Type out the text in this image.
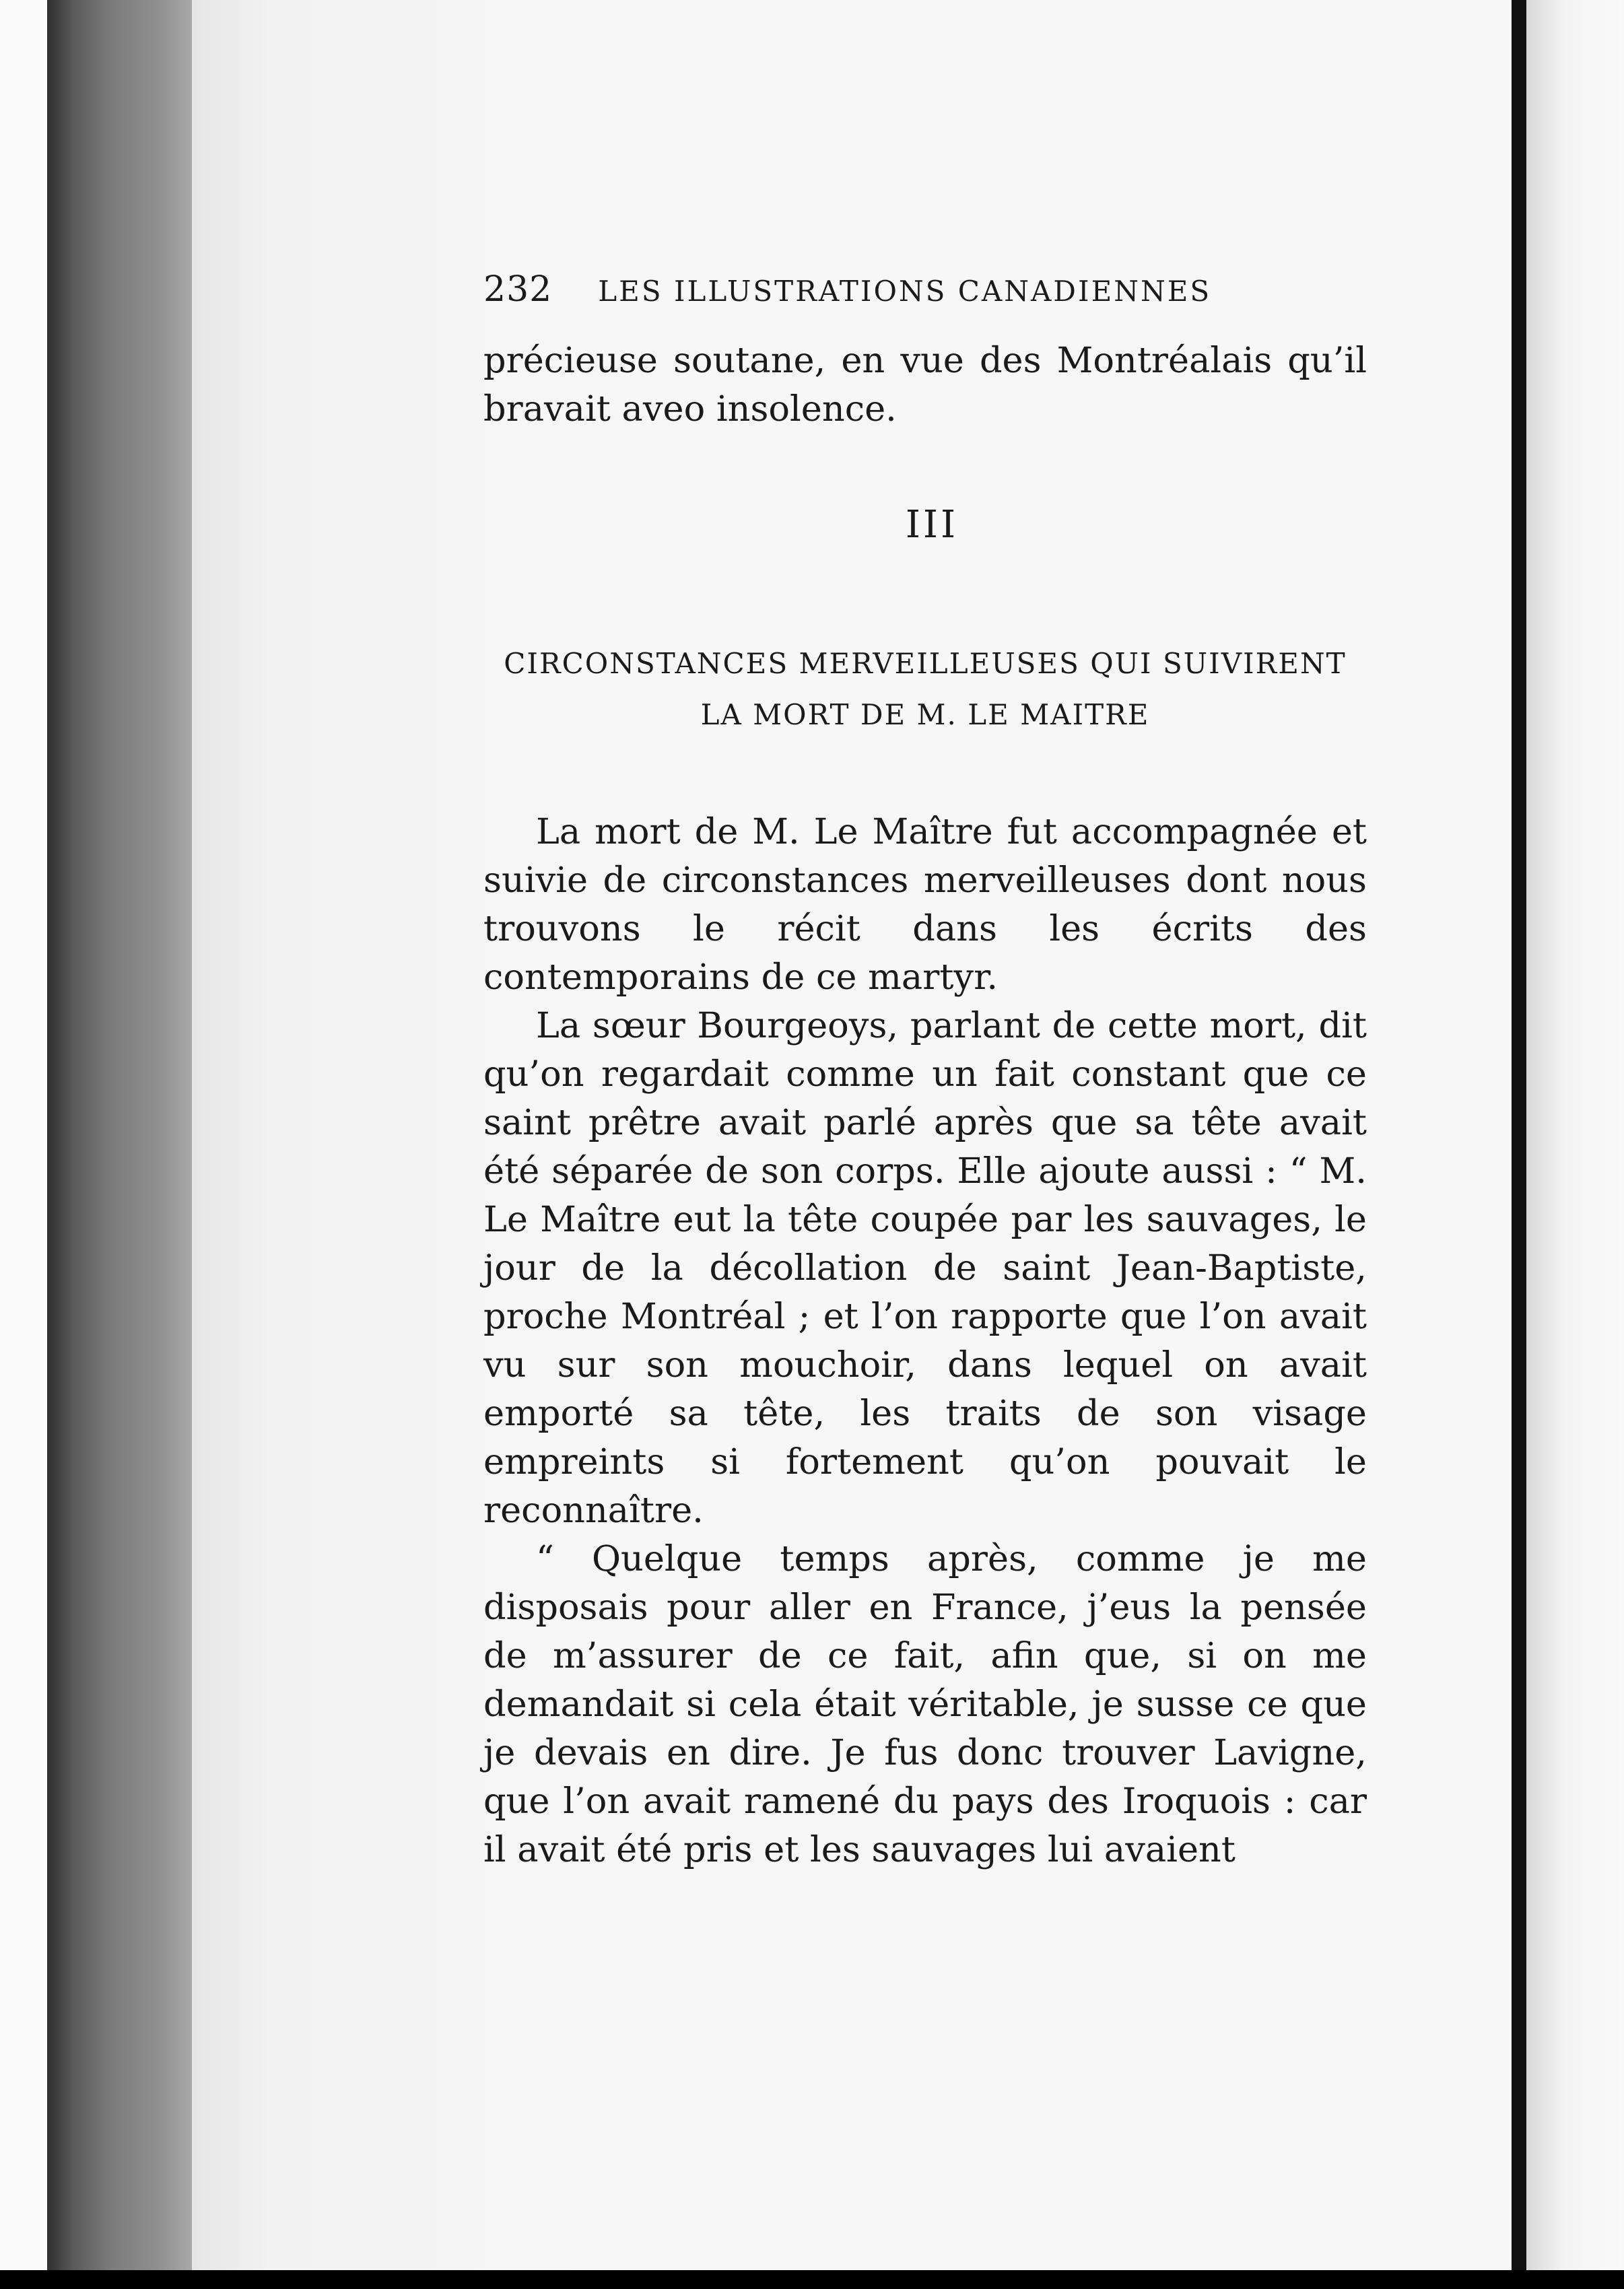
232 LES ILLUSTRATIONS CANADIENNES

précieuse soutane, en vue des Montréalais qu’il bravait aveo insolence.

III
CIRCONSTANCES MERVEILLEUSES QUI SUIVIRENT
LA MORT DE M. LE MAITRE

La mort de M. Le Maître fut accompagnée et suivie de circonstances merveilleuses dont nous trouvons le récit dans les écrits des contemporains de ce martyr.

La sœur Bourgeoys, parlant de cette mort, dit qu’on regardait comme un fait constant que ce saint prêtre avait parlé après que sa tête avait été séparée de son corps. Elle ajoute aussi : “ M. Le Maître eut la tête coupée par les sauvages, le jour de la décollation de saint Jean-Baptiste, proche Montréal ; et l’on rapporte que l’on avait vu sur son mouchoir, dans lequel on avait emporté sa tête, les traits de son visage empreints si fortement qu’on pouvait le reconnaître.

“ Quelque temps après, comme je me disposais pour aller en France, j’eus la pensée de m’assurer de ce fait, afin que, si on me demandait si cela était véritable, je susse ce que je devais en dire. Je fus donc trouver Lavigne, que l’on avait ramené du pays des Iroquois : car il avait été pris et les sauvages lui avaient
